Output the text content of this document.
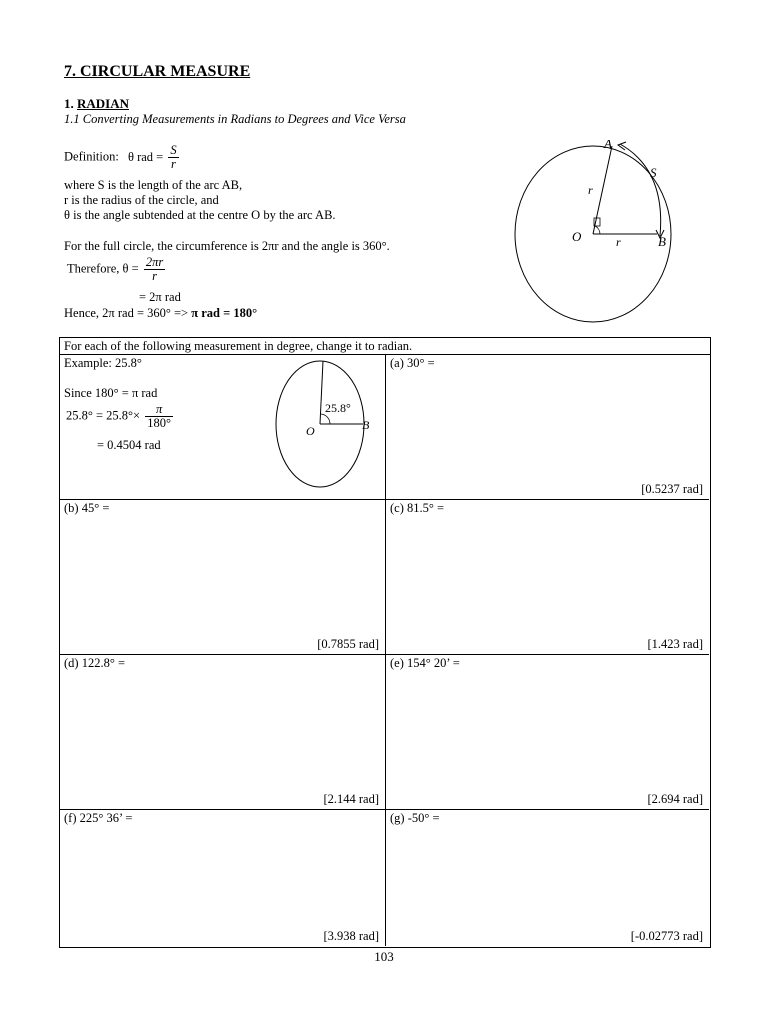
7. CIRCULAR MEASURE
1. RADIAN
1.1 Converting Measurements in Radians to Degrees and Vice Versa
Definition: θ rad = $\frac{S}{r}$
where S is the length of the arc AB,
r is the radius of the circle, and
θ is the angle subtended at the centre O by the arc AB.
For the full circle, the circumference is 2πr and the angle is 360°.
Therefore, $\theta = \frac{2\pi r}{r}$
= 2π rad
Hence, 2π rad = 360° => π rad = 180°
A
B
O
S
r
r
For each of the following measurement in degree, change it to radian.
Example: 25.8°
Since 180° = π rad
$25.8^\circ = 25.8^\circ\times \frac{\pi}{180^\circ}$
= 0.4504 rad
25.8°
O	B
(a) 30° =
[0.5237 rad]
(b) 45° =
[0.7855 rad]
(c) 81.5° =
[1.423 rad]
(d) 122.8° =
[2.144 rad]
(e) 154° 20’ =
[2.694 rad]
(f) 225° 36’ =
[3.938 rad]
(g) -50° =
[-0.02773 rad]
103
